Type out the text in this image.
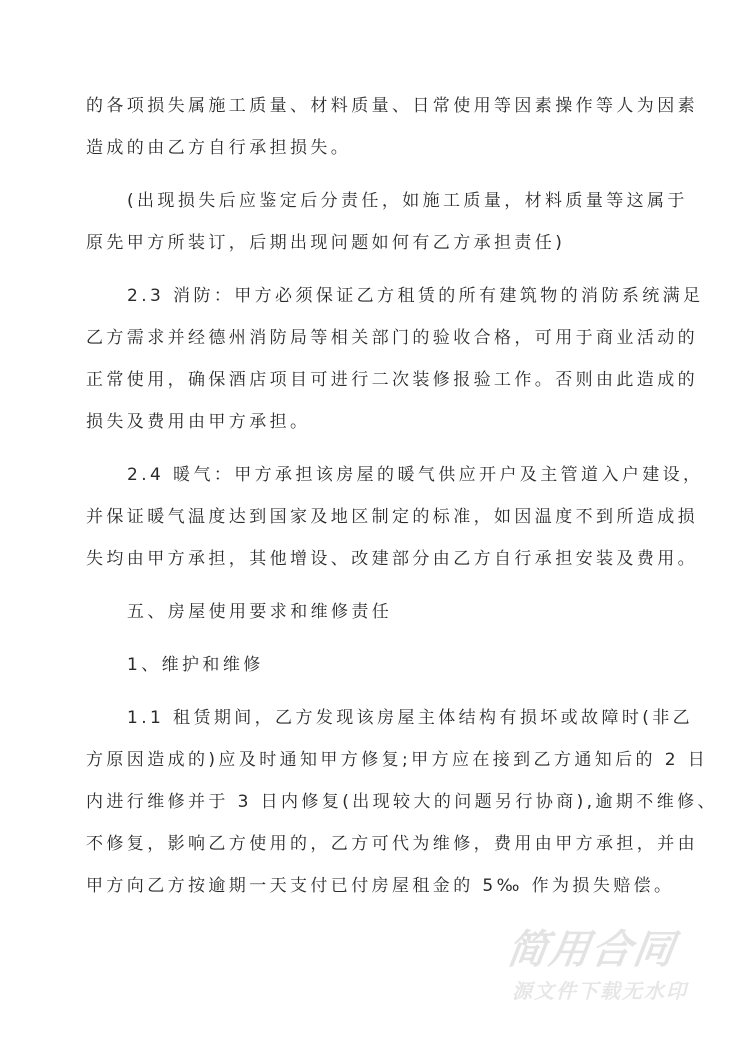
的各项损失属施工质量、材料质量、日常使用等因素操作等人为因素
造成的由乙方自行承担损失。
(出现损失后应鉴定后分责任，如施工质量，材料质量等这属于
原先甲方所装订，后期出现问题如何有乙方承担责任)
2.3 消防：甲方必须保证乙方租赁的所有建筑物的消防系统满足
乙方需求并经德州消防局等相关部门的验收合格，可用于商业活动的
正常使用，确保酒店项目可进行二次装修报验工作。否则由此造成的
损失及费用由甲方承担。
2.4 暖气：甲方承担该房屋的暖气供应开户及主管道入户建设，
并保证暖气温度达到国家及地区制定的标准，如因温度不到所造成损
失均由甲方承担，其他增设、改建部分由乙方自行承担安装及费用。
五、房屋使用要求和维修责任
1、维护和维修
1.1 租赁期间，乙方发现该房屋主体结构有损坏或故障时(非乙
方原因造成的)应及时通知甲方修复;甲方应在接到乙方通知后的 2 日
内进行维修并于 3 日内修复(出现较大的问题另行协商),逾期不维修、
不修复，影响乙方使用的，乙方可代为维修，费用由甲方承担，并由
甲方向乙方按逾期一天支付已付房屋租金的 5‰ 作为损失赔偿。
简用合同
源文件下载无水印
